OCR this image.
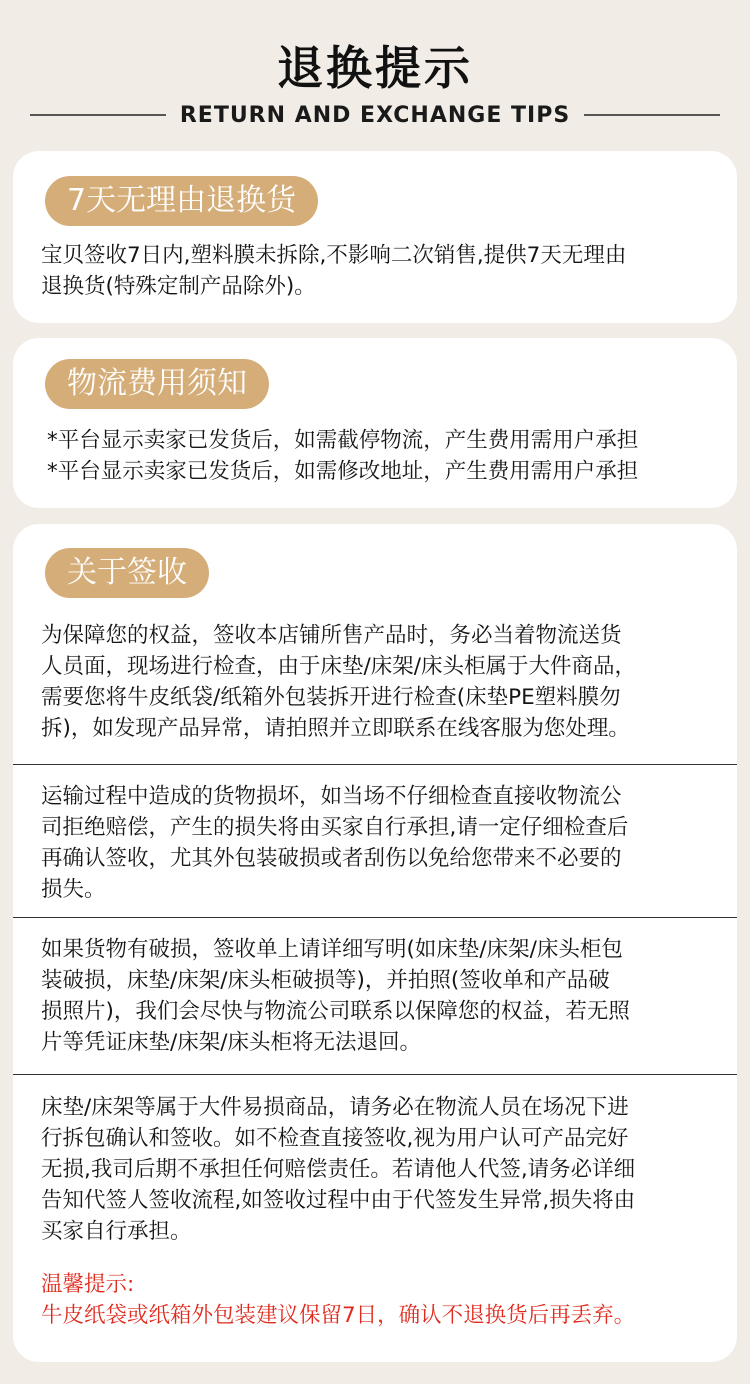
退换提示
RETURN AND EXCHANGE TIPS
7天无理由退换货
宝贝签收7日内,塑料膜未拆除,不影响二次销售,提供7天无理由
退换货(特殊定制产品除外)。
物流费用须知
*平台显示卖家已发货后，如需截停物流，产生费用需用户承担
*平台显示卖家已发货后，如需修改地址，产生费用需用户承担
关于签收
为保障您的权益，签收本店铺所售产品时，务必当着物流送货
人员面，现场进行检查，由于床垫/床架/床头柜属于大件商品，
需要您将牛皮纸袋/纸箱外包装拆开进行检查(床垫PE塑料膜勿
拆)，如发现产品异常，请拍照并立即联系在线客服为您处理。
运输过程中造成的货物损坏，如当场不仔细检查直接收物流公
司拒绝赔偿，产生的损失将由买家自行承担,请一定仔细检查后
再确认签收，尤其外包装破损或者刮伤以免给您带来不必要的
损失。
如果货物有破损，签收单上请详细写明(如床垫/床架/床头柜包
装破损，床垫/床架/床头柜破损等)，并拍照(签收单和产品破
损照片)，我们会尽快与物流公司联系以保障您的权益，若无照
片等凭证床垫/床架/床头柜将无法退回。
床垫/床架等属于大件易损商品，请务必在物流人员在场况下进
行拆包确认和签收。如不检查直接签收,视为用户认可产品完好
无损,我司后期不承担任何赔偿责任。若请他人代签,请务必详细
告知代签人签收流程,如签收过程中由于代签发生异常,损失将由
买家自行承担。
温馨提示:
牛皮纸袋或纸箱外包装建议保留7日，确认不退换货后再丢弃。
